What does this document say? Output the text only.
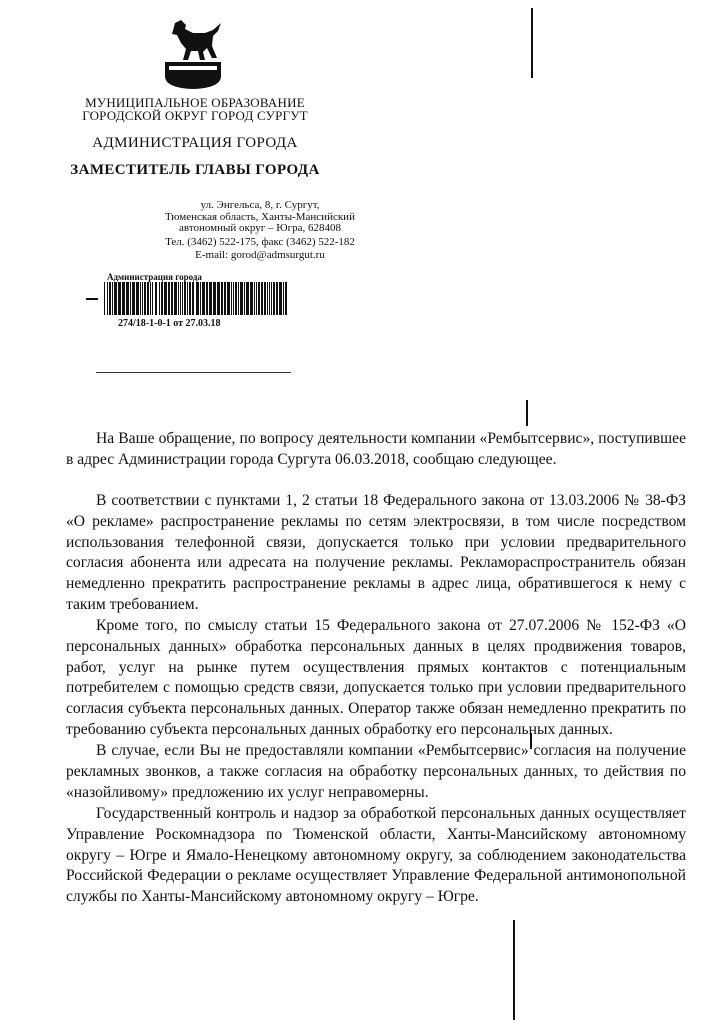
МУНИЦИПАЛЬНОЕ ОБРАЗОВАНИЕ
ГОРОДСКОЙ ОКРУГ ГОРОД СУРГУТ
АДМИНИСТРАЦИЯ ГОРОДА
ЗАМЕСТИТЕЛЬ ГЛАВЫ ГОРОДА
ул. Энгельса, 8, г. Сургут,
Тюменская область, Ханты-Мансийский
автономный округ – Югра, 628408
Тел. (3462) 522-175, факс (3462) 522-182
E-mail: gorod@admsurgut.ru
Администрация города
274/18-1-0-1 от 27.03.18

На Ваше обращение, по вопросу деятельности компании «Рембытсервис», поступившее в адрес Администрации города Сургута 06.03.2018, сообщаю следующее.

В соответствии с пунктами 1, 2 статьи 18 Федерального закона от 13.03.2006 № 38-ФЗ «О рекламе» распространение рекламы по сетям электросвязи, в том числе посредством использования телефонной связи, допускается только при условии предварительного согласия абонента или адресата на получение рекламы. Рекламораспространитель обязан немедленно прекратить распространение рекламы в адрес лица, обратившегося к нему с таким требованием.

Кроме того, по смыслу статьи 15 Федерального закона от 27.07.2006 № 152-ФЗ «О персональных данных» обработка персональных данных в целях продвижения товаров, работ, услуг на рынке путем осуществления прямых контактов с потенциальным потребителем с помощью средств связи, допускается только при условии предварительного согласия субъекта персональных данных. Оператор также обязан немедленно прекратить по требованию субъекта персональных данных обработку его персональных данных.

В случае, если Вы не предоставляли компании «Рембытсервис» согласия на получение рекламных звонков, а также согласия на обработку персональных данных, то действия по «назойливому» предложению их услуг неправомерны.

Государственный контроль и надзор за обработкой персональных данных осуществляет Управление Роскомнадзора по Тюменской области, Ханты-Мансийскому автономному округу – Югре и Ямало-Ненецкому автономному округу, за соблюдением законодательства Российской Федерации о рекламе осуществляет Управление Федеральной антимонопольной службы по Ханты-Мансийскому автономному округу – Югре.
